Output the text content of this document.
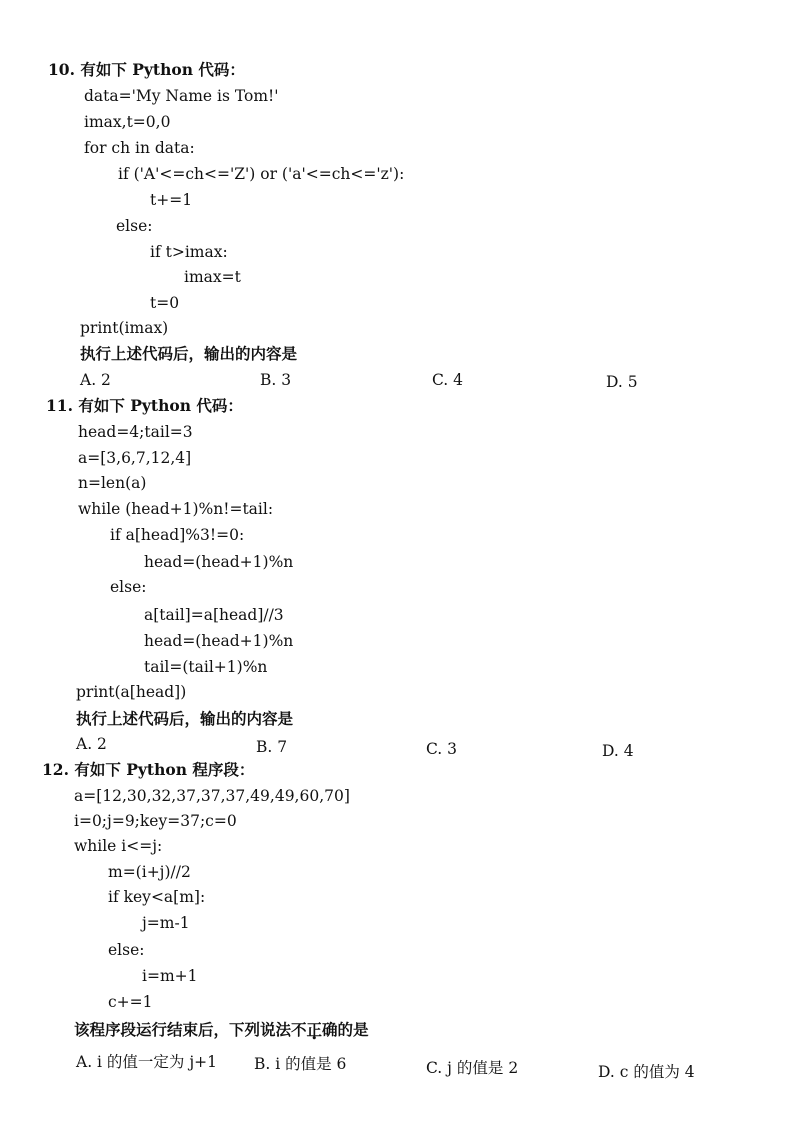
10. 有如下 Python 代码：
data='My Name is Tom!'
imax,t=0,0
for ch in data:
if ('A'<=ch<='Z') or ('a'<=ch<='z'):
t+=1
else:
if t>imax:
imax=t
t=0
print(imax)
执行上述代码后，输出的内容是
A. 2	B. 3	C. 4	D. 5
11. 有如下 Python 代码：
head=4;tail=3
a=[3,6,7,12,4]
n=len(a)
while (head+1)%n!=tail:
if a[head]%3!=0:
head=(head+1)%n
else:
a[tail]=a[head]//3
head=(head+1)%n
tail=(tail+1)%n
print(a[head])
执行上述代码后，输出的内容是
A. 2	B. 7	C. 3	D. 4
12. 有如下 Python 程序段：
a=[12,30,32,37,37,37,49,49,60,70]
i=0;j=9;key=37;c=0
while i<=j:
m=(i+j)//2
if key<a[m]:
j=m-1
else:
i=m+1
c+=1
该程序段运行结束后，下列说法不正确的是
A. i 的值一定为 j+1 B. i 的值是 6	C. j 的值是 2	D. c 的值为 4
